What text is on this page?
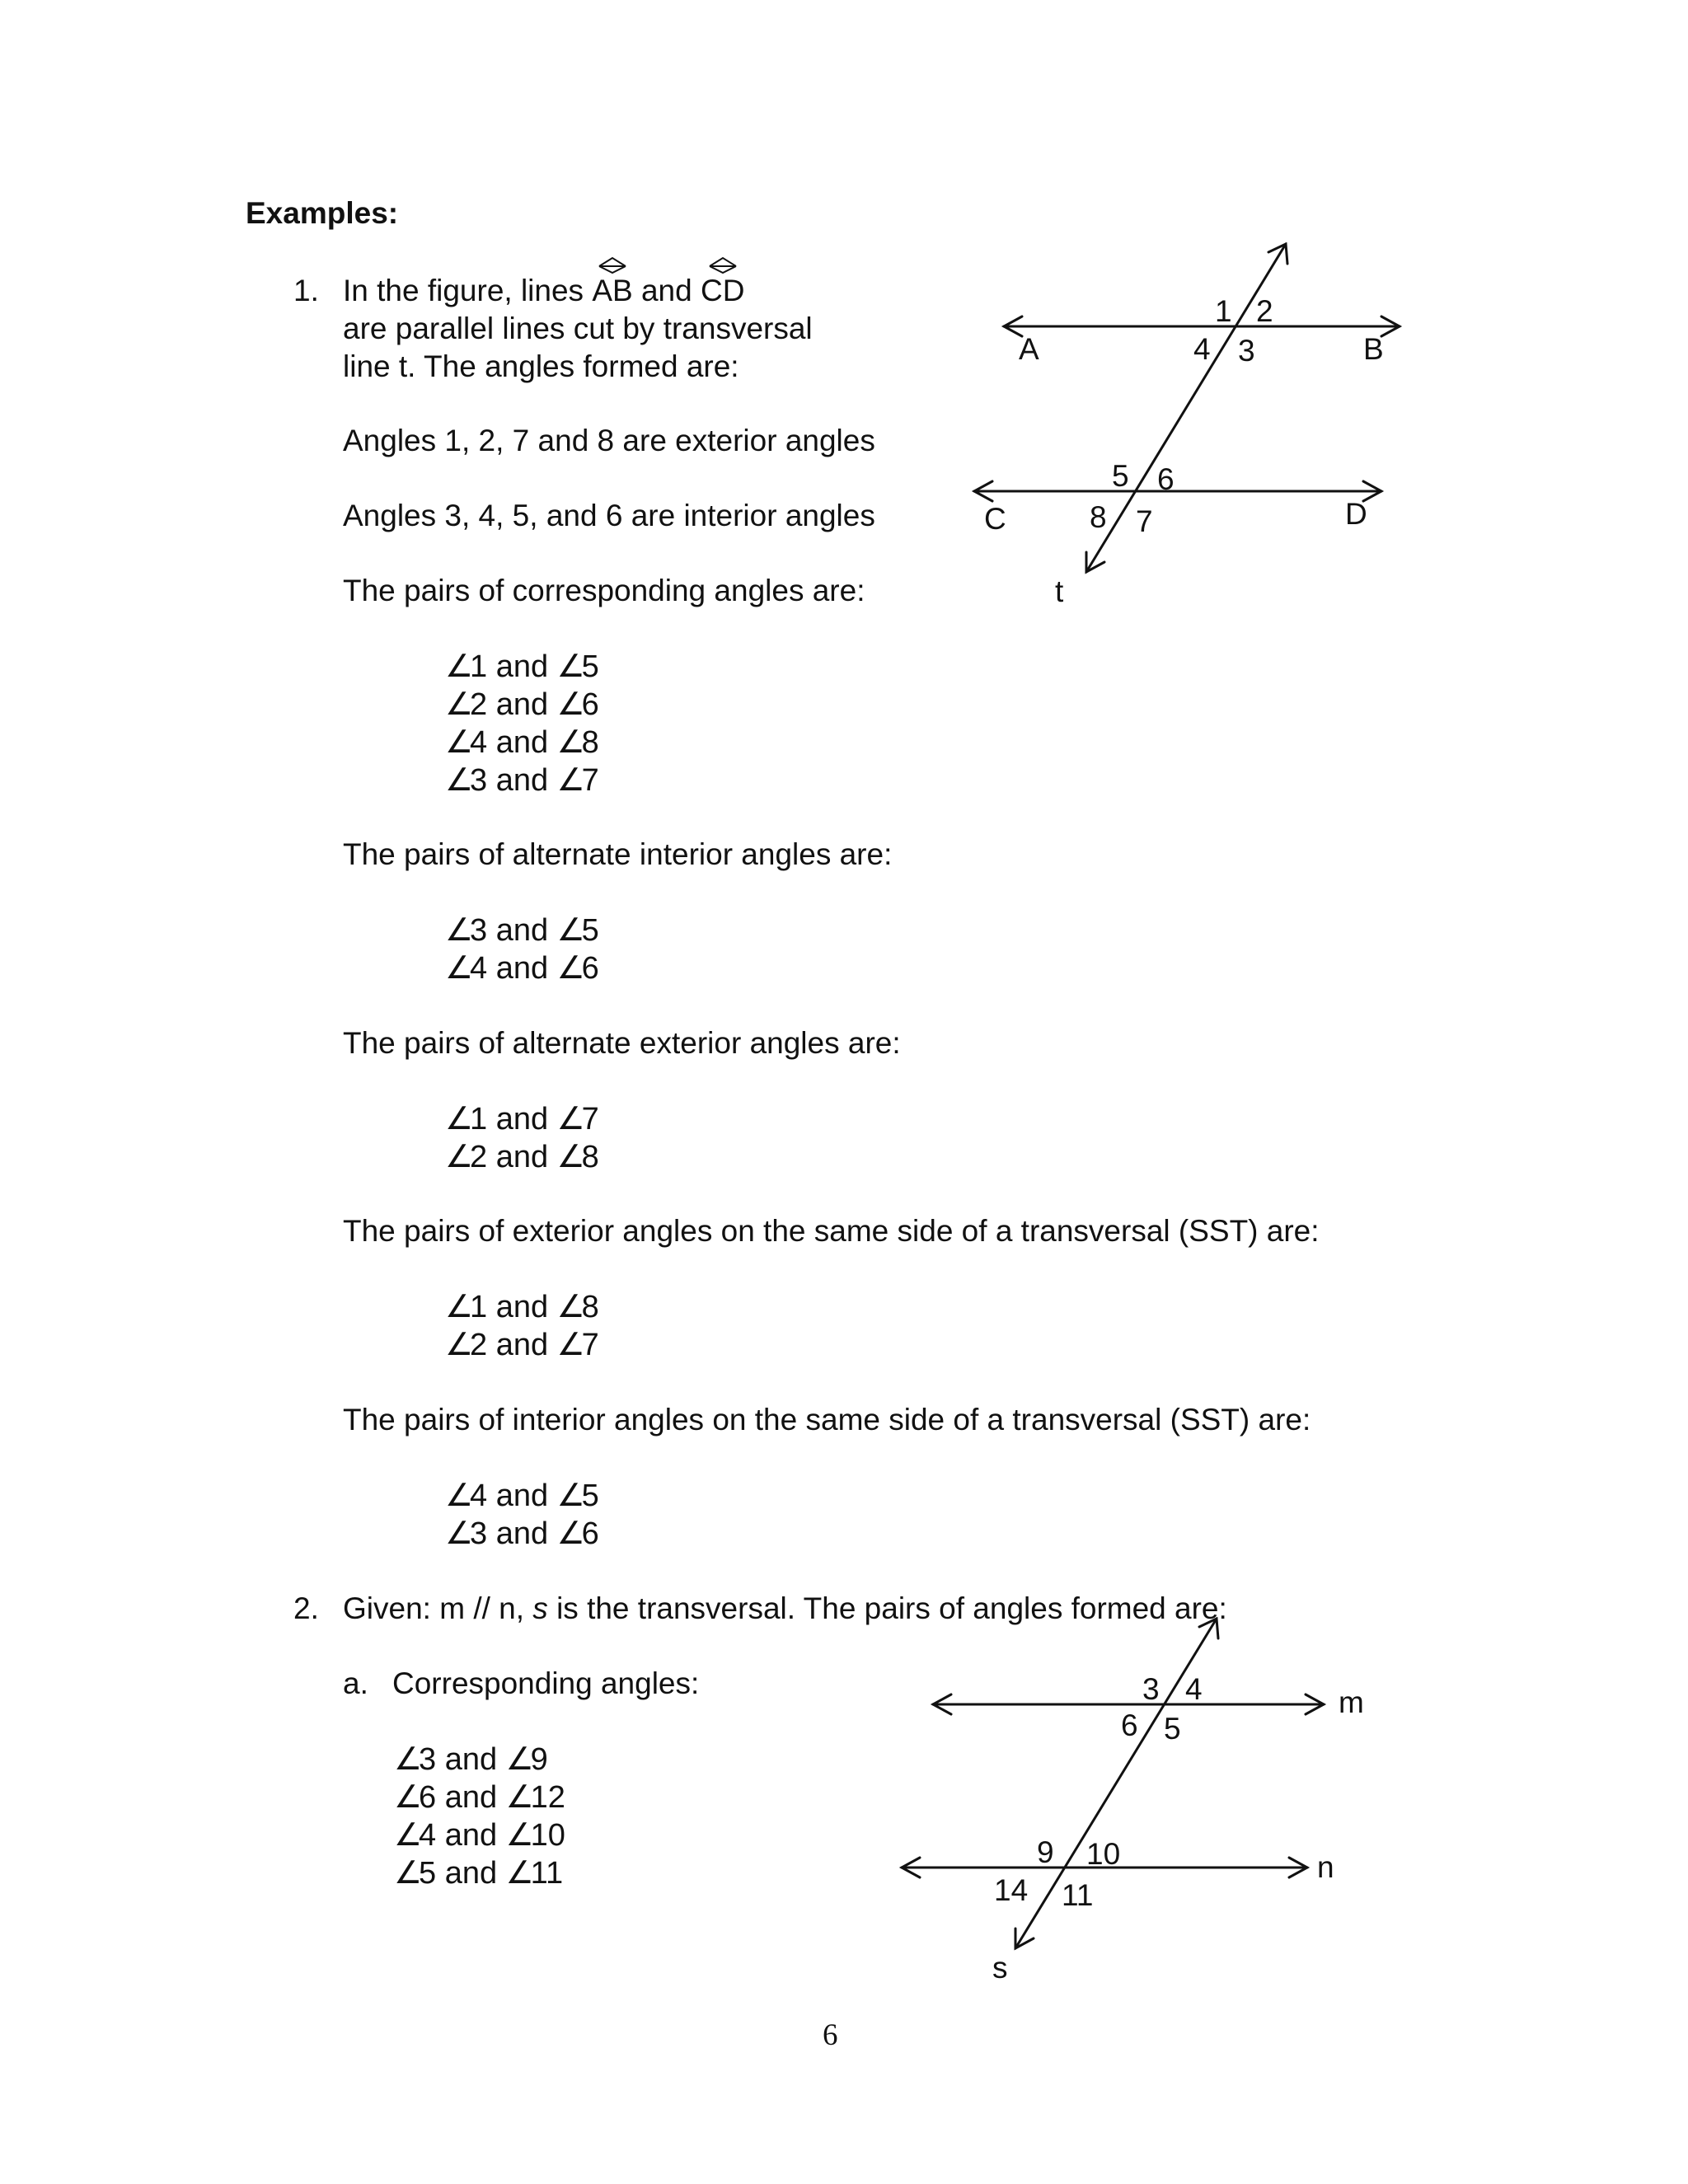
Examples:
1. In the figure, lines AB and CD
are parallel lines cut by transversal
line t. The angles formed are:
Angles 1, 2, 7 and 8 are exterior angles
Angles 3, 4, 5, and 6 are interior angles
The pairs of corresponding angles are:
∠1 and ∠5
∠2 and ∠6
∠4 and ∠8
∠3 and ∠7
The pairs of alternate interior angles are:
∠3 and ∠5
∠4 and ∠6
The pairs of alternate exterior angles are:
∠1 and ∠7
∠2 and ∠8
The pairs of exterior angles on the same side of a transversal (SST) are:
∠1 and ∠8
∠2 and ∠7
The pairs of interior angles on the same side of a transversal (SST) are:
∠4 and ∠5
∠3 and ∠6
2. Given: m // n, s is the transversal. The pairs of angles formed are:
a. Corresponding angles:
∠3 and ∠9
∠6 and ∠12
∠4 and ∠10
∠5 and ∠11
1 2
3
4
5 6
7
8
A	B
C	D
t
3 4
6 5
9 10
14 11
m
n
s
6
